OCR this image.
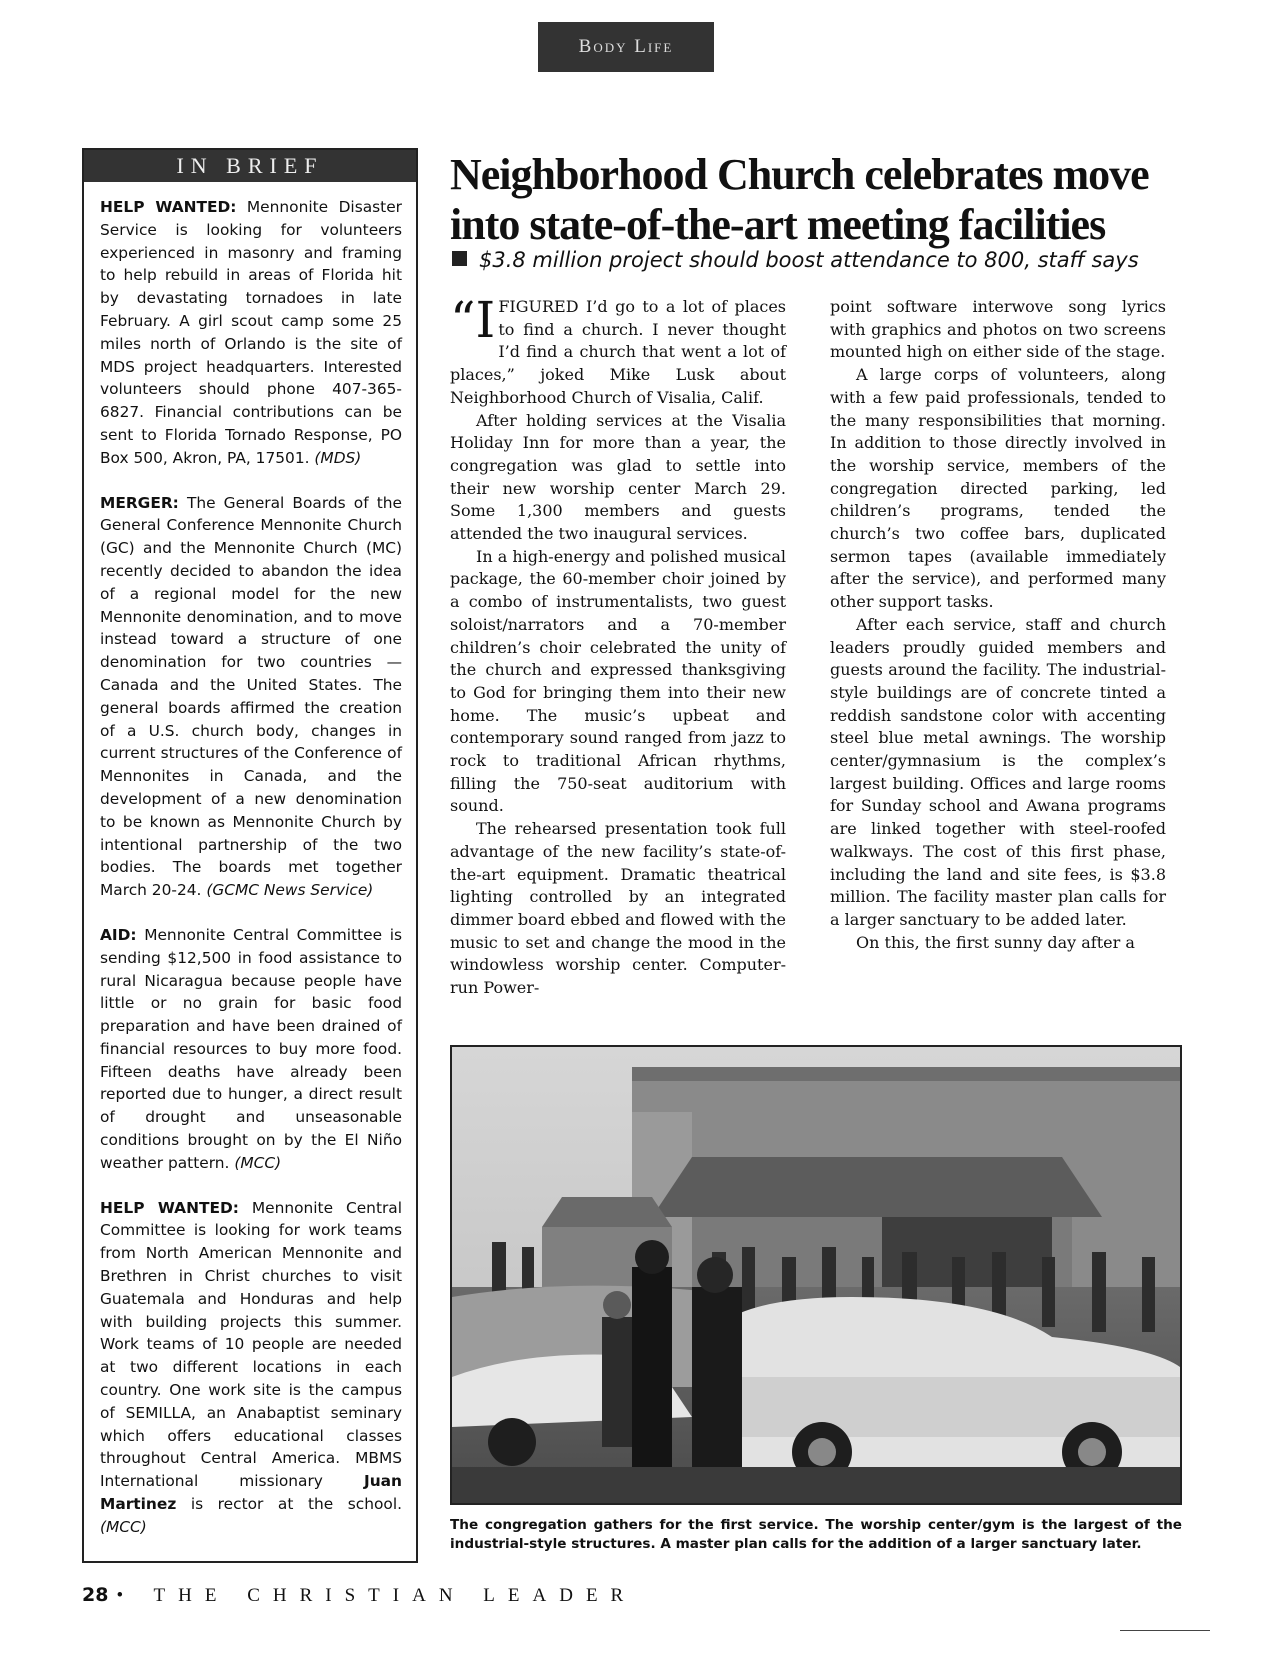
Body Life
IN BRIEF

HELP WANTED: Mennonite Disaster Service is looking for volunteers experienced in masonry and framing to help rebuild in areas of Florida hit by devastating tornadoes in late February. A girl scout camp some 25 miles north of Orlando is the site of MDS project headquarters. Interested volunteers should phone 407-365-6827. Financial contributions can be sent to Florida Tornado Response, PO Box 500, Akron, PA, 17501. (MDS)

MERGER: The General Boards of the General Conference Mennonite Church (GC) and the Mennonite Church (MC) recently decided to abandon the idea of a regional model for the new Mennonite denomination, and to move instead toward a structure of one denomination for two countries — Canada and the United States. The general boards affirmed the creation of a U.S. church body, changes in current structures of the Conference of Mennonites in Canada, and the development of a new denomination to be known as Mennonite Church by intentional partnership of the two bodies. The boards met together March 20-24. (GCMC News Service)

AID: Mennonite Central Committee is sending $12,500 in food assistance to rural Nicaragua because people have little or no grain for basic food preparation and have been drained of financial resources to buy more food. Fifteen deaths have already been reported due to hunger, a direct result of drought and unseasonable conditions brought on by the El Niño weather pattern. (MCC)

HELP WANTED: Mennonite Central Committee is looking for work teams from North American Mennonite and Brethren in Christ churches to visit Guatemala and Honduras and help with building projects this summer. Work teams of 10 people are needed at two different locations in each country. One work site is the campus of SEMILLA, an Anabaptist seminary which offers educational classes throughout Central America. MBMS International missionary Juan Martinez is rector at the school. (MCC)

Neighborhood Church celebrates move
into state-of-the-art meeting facilities
$3.8 million project should boost attendance to 800, staff says

“IFIGURED I’d go to a lot of places to find a church. I never thought I’d find a church that went a lot of places,” joked Mike Lusk about Neighborhood Church of Visalia, Calif.

After holding services at the Visalia Holiday Inn for more than a year, the congregation was glad to settle into their new worship center March 29. Some 1,300 members and guests attended the two inaugural services.

In a high-energy and polished musical package, the 60-member choir joined by a combo of instrumentalists, two guest soloist/narrators and a 70-member children’s choir celebrated the unity of the church and expressed thanksgiving to God for bringing them into their new home. The music’s upbeat and contemporary sound ranged from jazz to rock to traditional African rhythms, filling the 750-seat auditorium with sound.

The rehearsed presentation took full advantage of the new facility’s state-of-the-art equipment. Dramatic theatrical lighting controlled by an integrated dimmer board ebbed and flowed with the music to set and change the mood in the windowless worship center. Computer-run Power-

point software interwove song lyrics with graphics and photos on two screens mounted high on either side of the stage.

A large corps of volunteers, along with a few paid professionals, tended to the many responsibilities that morning. In addition to those directly involved in the worship service, members of the congregation directed parking, led children’s programs, tended the church’s two coffee bars, duplicated sermon tapes (available immediately after the service), and performed many other support tasks.

After each service, staff and church leaders proudly guided members and guests around the facility. The industrial-style buildings are of concrete tinted a reddish sandstone color with accenting steel blue metal awnings. The worship center/gymnasium is the complex’s largest building. Offices and large rooms for Sunday school and Awana programs are linked together with steel-roofed walkways. The cost of this first phase, including the land and site fees, is $3.8 million. The facility master plan calls for a larger sanctuary to be added later.

On this, the first sunny day after a

The congregation gathers for the first service. The worship center/gym is the largest of the industrial-style structures. A master plan calls for the addition of a larger sanctuary later.
28 • THE CHRISTIAN LEADER
